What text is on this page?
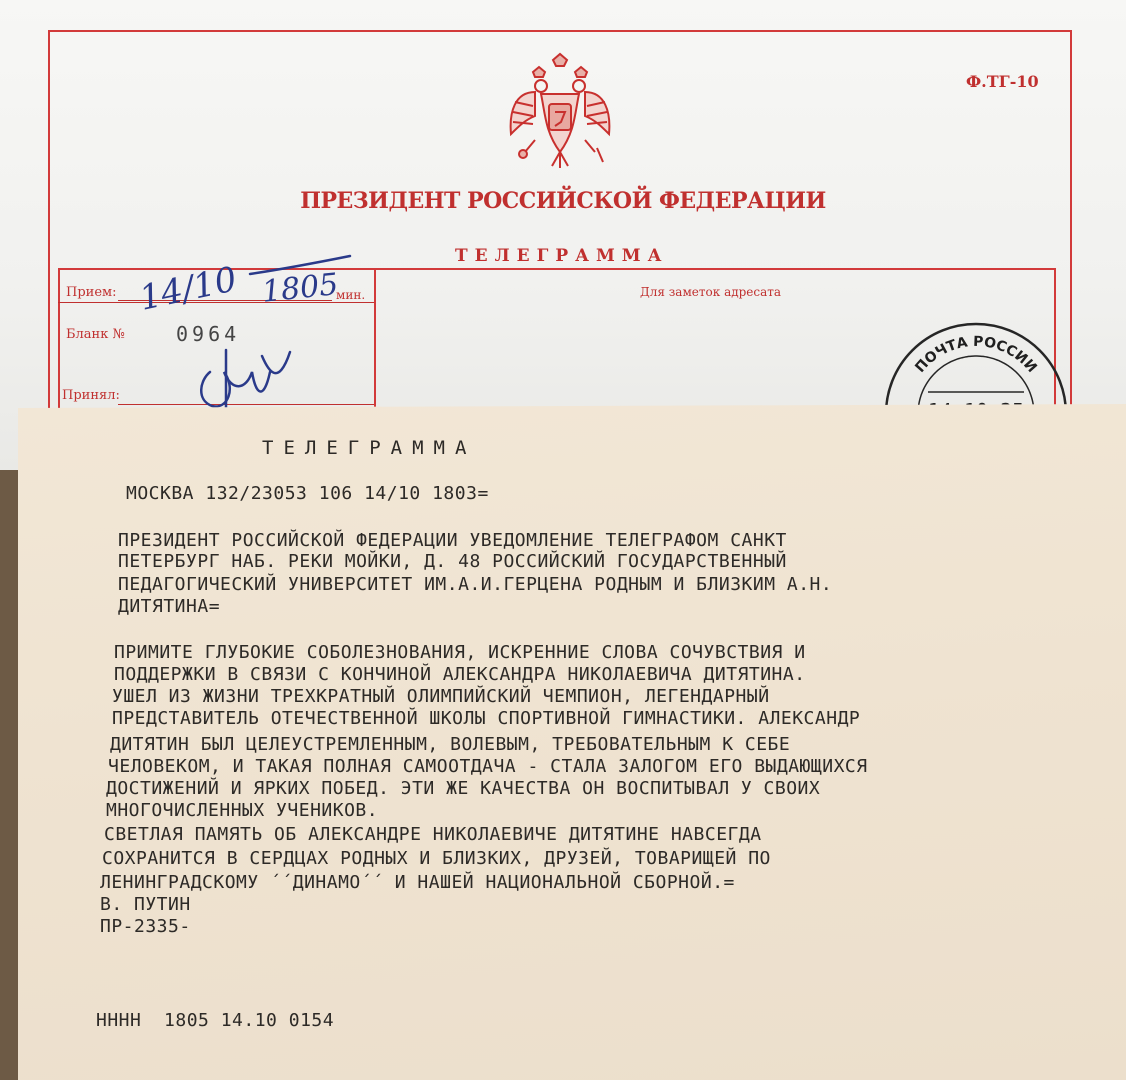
Ф.ТГ-10
ПРЕЗИДЕНТ РОССИЙСКОЙ ФЕДЕРАЦИИ
ТЕЛЕГРАММА
Прием:	мин.
Бланк №	0964
Принял:
Для заметок адресата
14/10 1805
ПОЧТА РОССИИ
ТЕЛЕГРАММА
МОСКВА 132/23053 106 14/10 1803=
ПРЕЗИДЕНТ РОССИЙСКОЙ ФЕДЕРАЦИИ УВЕДОМЛЕНИЕ ТЕЛЕГРАФОМ САНКТ
ПЕТЕРБУРГ НАБ. РЕКИ МОЙКИ, Д. 48 РОССИЙСКИЙ ГОСУДАРСТВЕННЫЙ
ПЕДАГОГИЧЕСКИЙ УНИВЕРСИТЕТ ИМ.А.И.ГЕРЦЕНА РОДНЫМ И БЛИЗКИМ А.Н.
ДИТЯТИНА=
ПРИМИТЕ ГЛУБОКИЕ СОБОЛЕЗНОВАНИЯ, ИСКРЕННИЕ СЛОВА СОЧУВСТВИЯ И
ПОДДЕРЖКИ В СВЯЗИ С КОНЧИНОЙ АЛЕКСАНДРА НИКОЛАЕВИЧА ДИТЯТИНА.
УШЕЛ ИЗ ЖИЗНИ ТРЕХКРАТНЫЙ ОЛИМПИЙСКИЙ ЧЕМПИОН, ЛЕГЕНДАРНЫЙ
ПРЕДСТАВИТЕЛЬ ОТЕЧЕСТВЕННОЙ ШКОЛЫ СПОРТИВНОЙ ГИМНАСТИКИ. АЛЕКСАНДР
ДИТЯТИН БЫЛ ЦЕЛЕУСТРЕМЛЕННЫМ, ВОЛЕВЫМ, ТРЕБОВАТЕЛЬНЫМ К СЕБЕ
ЧЕЛОВЕКОМ, И ТАКАЯ ПОЛНАЯ САМООТДАЧА - СТАЛА ЗАЛОГОМ ЕГО ВЫДАЮЩИХСЯ
ДОСТИЖЕНИЙ И ЯРКИХ ПОБЕД. ЭТИ ЖЕ КАЧЕСТВА ОН ВОСПИТЫВАЛ У СВОИХ
МНОГОЧИСЛЕННЫХ УЧЕНИКОВ.
СВЕТЛАЯ ПАМЯТЬ ОБ АЛЕКСАНДРЕ НИКОЛАЕВИЧЕ ДИТЯТИНЕ НАВСЕГДА
СОХРАНИТСЯ В СЕРДЦАХ РОДНЫХ И БЛИЗКИХ, ДРУЗЕЙ, ТОВАРИЩЕЙ ПО
ЛЕНИНГРАДСКОМУ ´´ДИНАМО´´ И НАШЕЙ НАЦИОНАЛЬНОЙ СБОРНОЙ.=
В. ПУТИН
ПР-2335-
НННН  1805 14.10 0154
